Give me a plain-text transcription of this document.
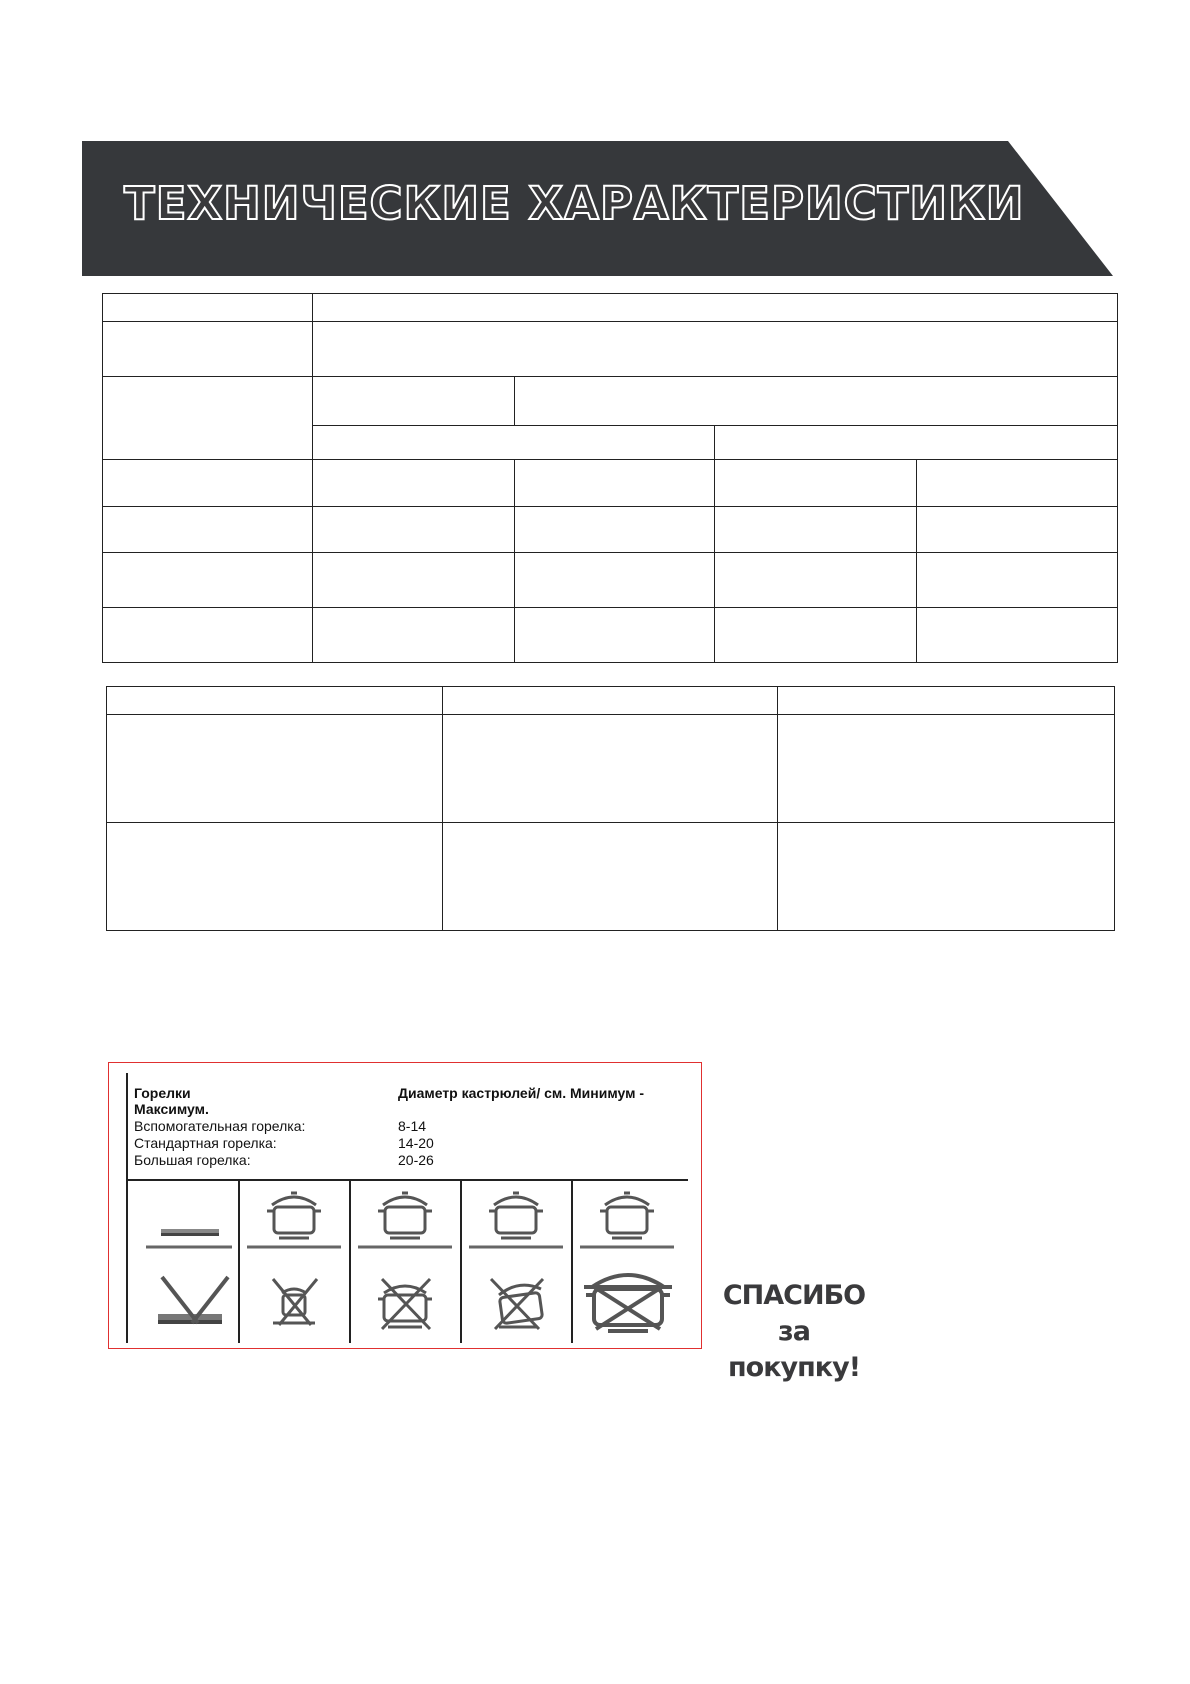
ТЕХНИЧЕСКИЕ ХАРАКТЕРИСТИКИ

Горелки	Диаметр кастрюлей/ см. Минимум -
Максимум.
Вспомогательная горелка:	8-14
Стандартная горелка:	14-20
Большая горелка:	20-26
СПАСИБО
за покупку!
